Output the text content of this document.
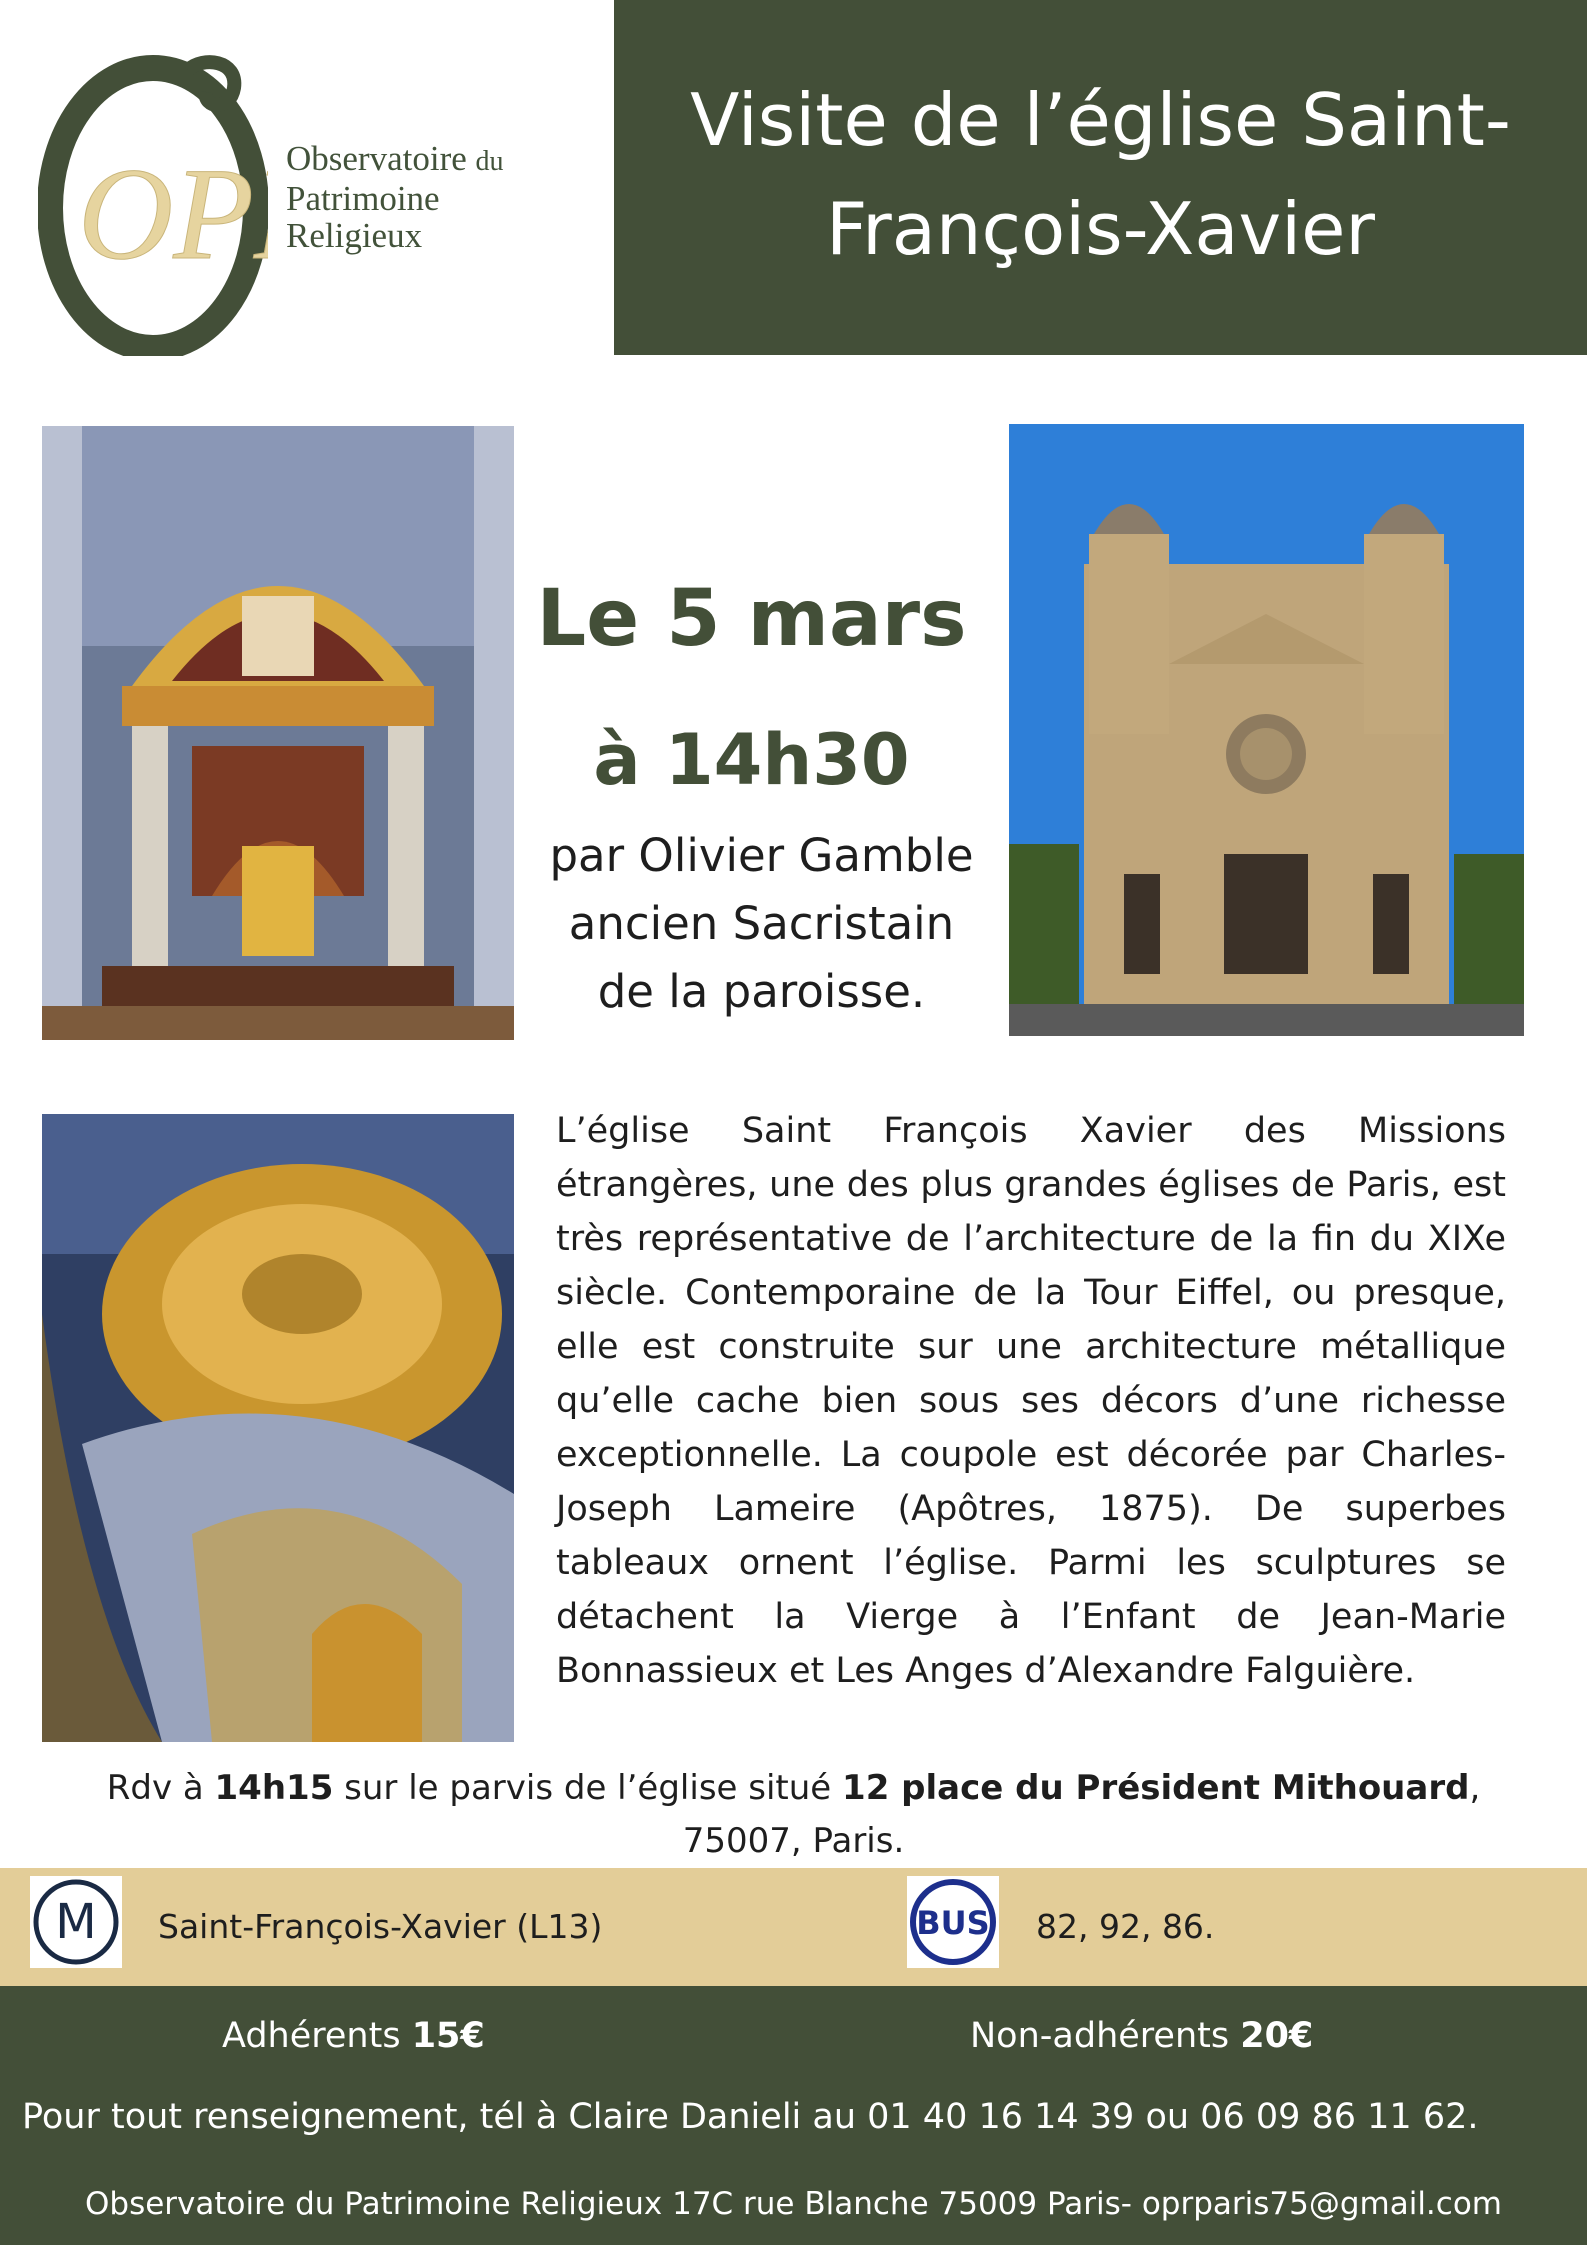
OP Observatoire du
Patrimoine
Religieux
Visite de l’église Saint-François-Xavier
Le 5 mars
à 14h30
par Olivier Gamble
ancien Sacristain
de la paroisse.
L’église Saint François Xavier des Missions étrangères, une des plus grandes églises de Paris, est très représentative de l’architecture de la fin du XIXe siècle. Contemporaine de la Tour Eiffel, ou presque, elle est construite sur une architecture métallique qu’elle cache bien sous ses décors d’une richesse exceptionnelle. La coupole est décorée par Charles-Joseph Lameire (Apôtres, 1875). De superbes tableaux ornent l’église. Parmi les sculptures se détachent la Vierge à l’Enfant de Jean-Marie Bonnassieux et Les Anges d’Alexandre Falguière.
Rdv à 14h15 sur le parvis de l’église situé 12 place du Président Mithouard,
75007, Paris.
M Saint-François-Xavier (L13)	BUS 82, 92, 86.
Adhérents 15€	Non-adhérents 20€
Pour tout renseignement, tél à Claire Danieli au 01 40 16 14 39 ou 06 09 86 11 62.
Observatoire du Patrimoine Religieux 17C rue Blanche 75009 Paris- oprparis75@gmail.com
